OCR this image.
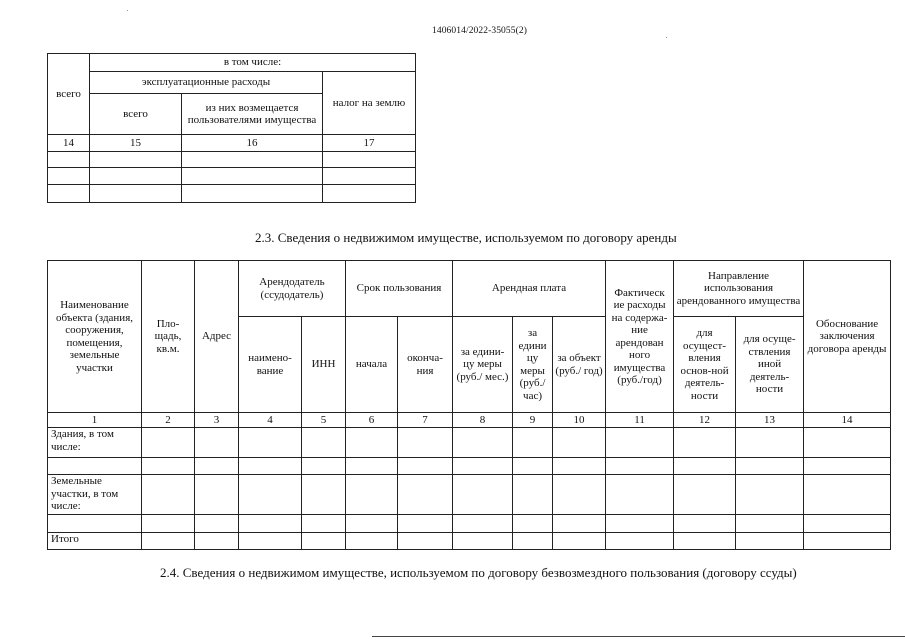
1406014/2022-35055(2)
всего	в том числе:		
	эксплуатационные расходы		налог на землю
	всего	из них возмещается пользователями имущества	
14	15	16	17

2.3. Сведения о недвижимом имуществе, используемом по договору аренды
Наименование объекта (здания, сооружения, помещения, земельные участки	Пло-щадь, кв.м.	Адрес	Арендодатель (ссудодатель)		Срок пользования		Арендная плата			Фактическ ие расходы на содержа-ние арендован ного имущества (руб./год)	Направление использования арендованного имущества		Обоснование заключения договора аренды
			наимено-вание	ИНН	начала	оконча-ния	за едини-цу меры (руб./ мес.)	за едини цу меры (руб./ час)	за объект (руб./ год)		для осущест-вления основ-ной деятель-ности	для осуще-ствления иной деятель-ности	
1	2	3	4	5	6	7	8	9	10	11	12	13	14
Здания, в том числе:													

Земельные участки, в том числе:													

Итого													
2.4. Сведения о недвижимом имуществе, используемом по договору безвозмездного пользования (договору ссуды)
